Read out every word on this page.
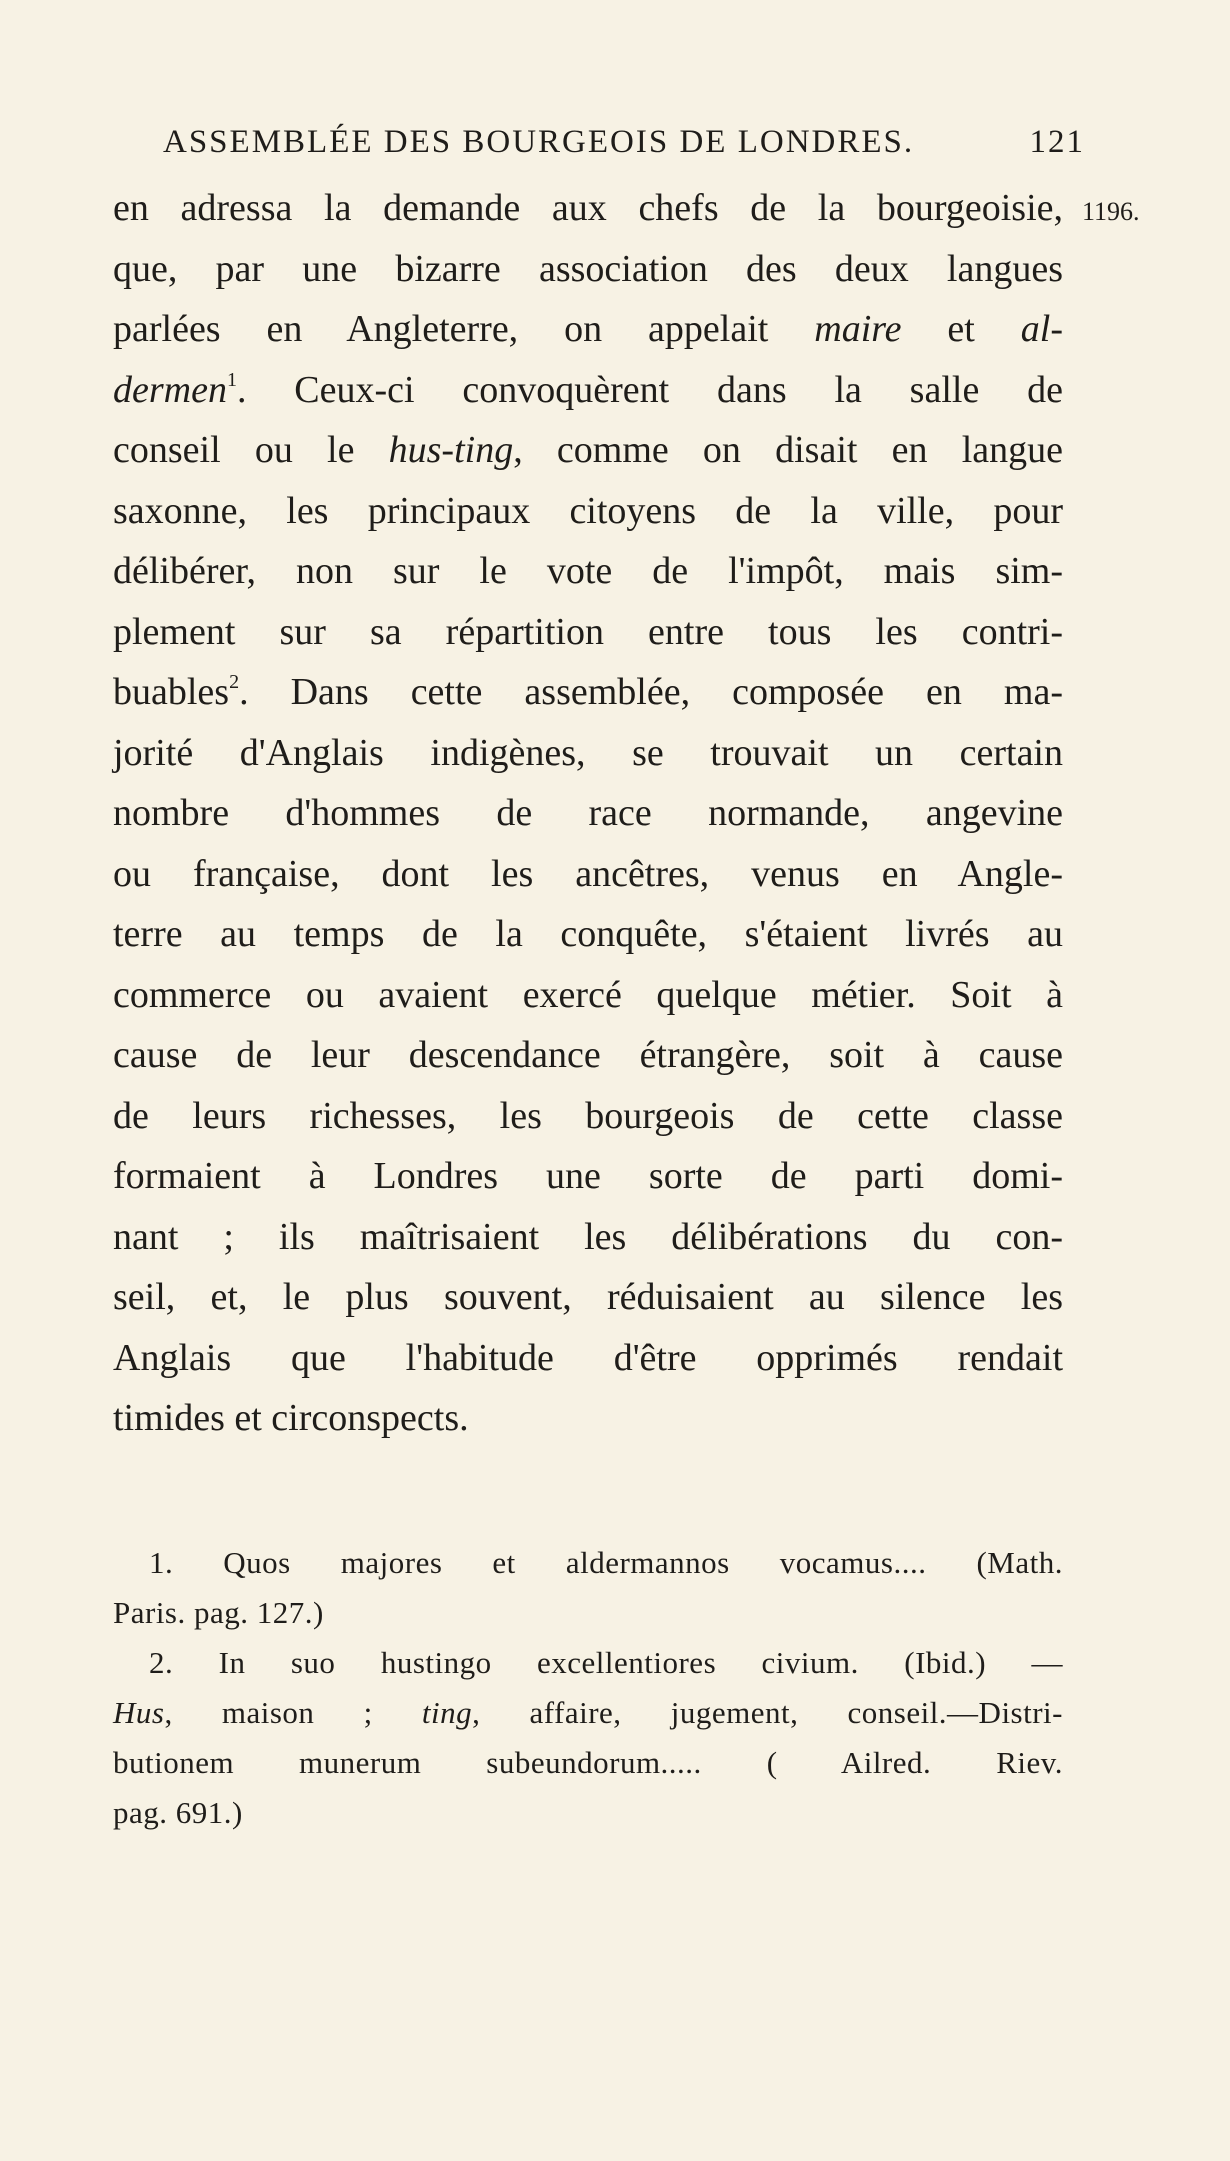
ASSEMBLÉE DES BOURGEOIS DE LONDRES.	121
1196.
en adressa la demande aux chefs de la bourgeoisie,
que, par une bizarre association des deux langues
parlées en Angleterre, on appelait maire et al-
dermen$^1$. Ceux-ci convoquèrent dans la salle de
conseil ou le hus-ting, comme on disait en langue
saxonne, les principaux citoyens de la ville, pour
délibérer, non sur le vote de l'impôt, mais sim-
plement sur sa répartition entre tous les contri-
buables$^2$. Dans cette assemblée, composée en ma-
jorité d'Anglais indigènes, se trouvait un certain
nombre d'hommes de race normande, angevine
ou française, dont les ancêtres, venus en Angle-
terre au temps de la conquête, s'étaient livrés au
commerce ou avaient exercé quelque métier. Soit à
cause de leur descendance étrangère, soit à cause
de leurs richesses, les bourgeois de cette classe
formaient à Londres une sorte de parti domi-
nant ; ils maîtrisaient les délibérations du con-
seil, et, le plus souvent, réduisaient au silence les
Anglais que l'habitude d'être opprimés rendait
timides et circonspects.
1. Quos majores et aldermannos vocamus.... (Math.
Paris. pag. 127.)
2. In suo hustingo excellentiores civium. (Ibid.) —
Hus, maison ; ting, affaire, jugement, conseil.—Distri-
butionem munerum subeundorum..... ( Ailred. Riev.
pag. 691.)
